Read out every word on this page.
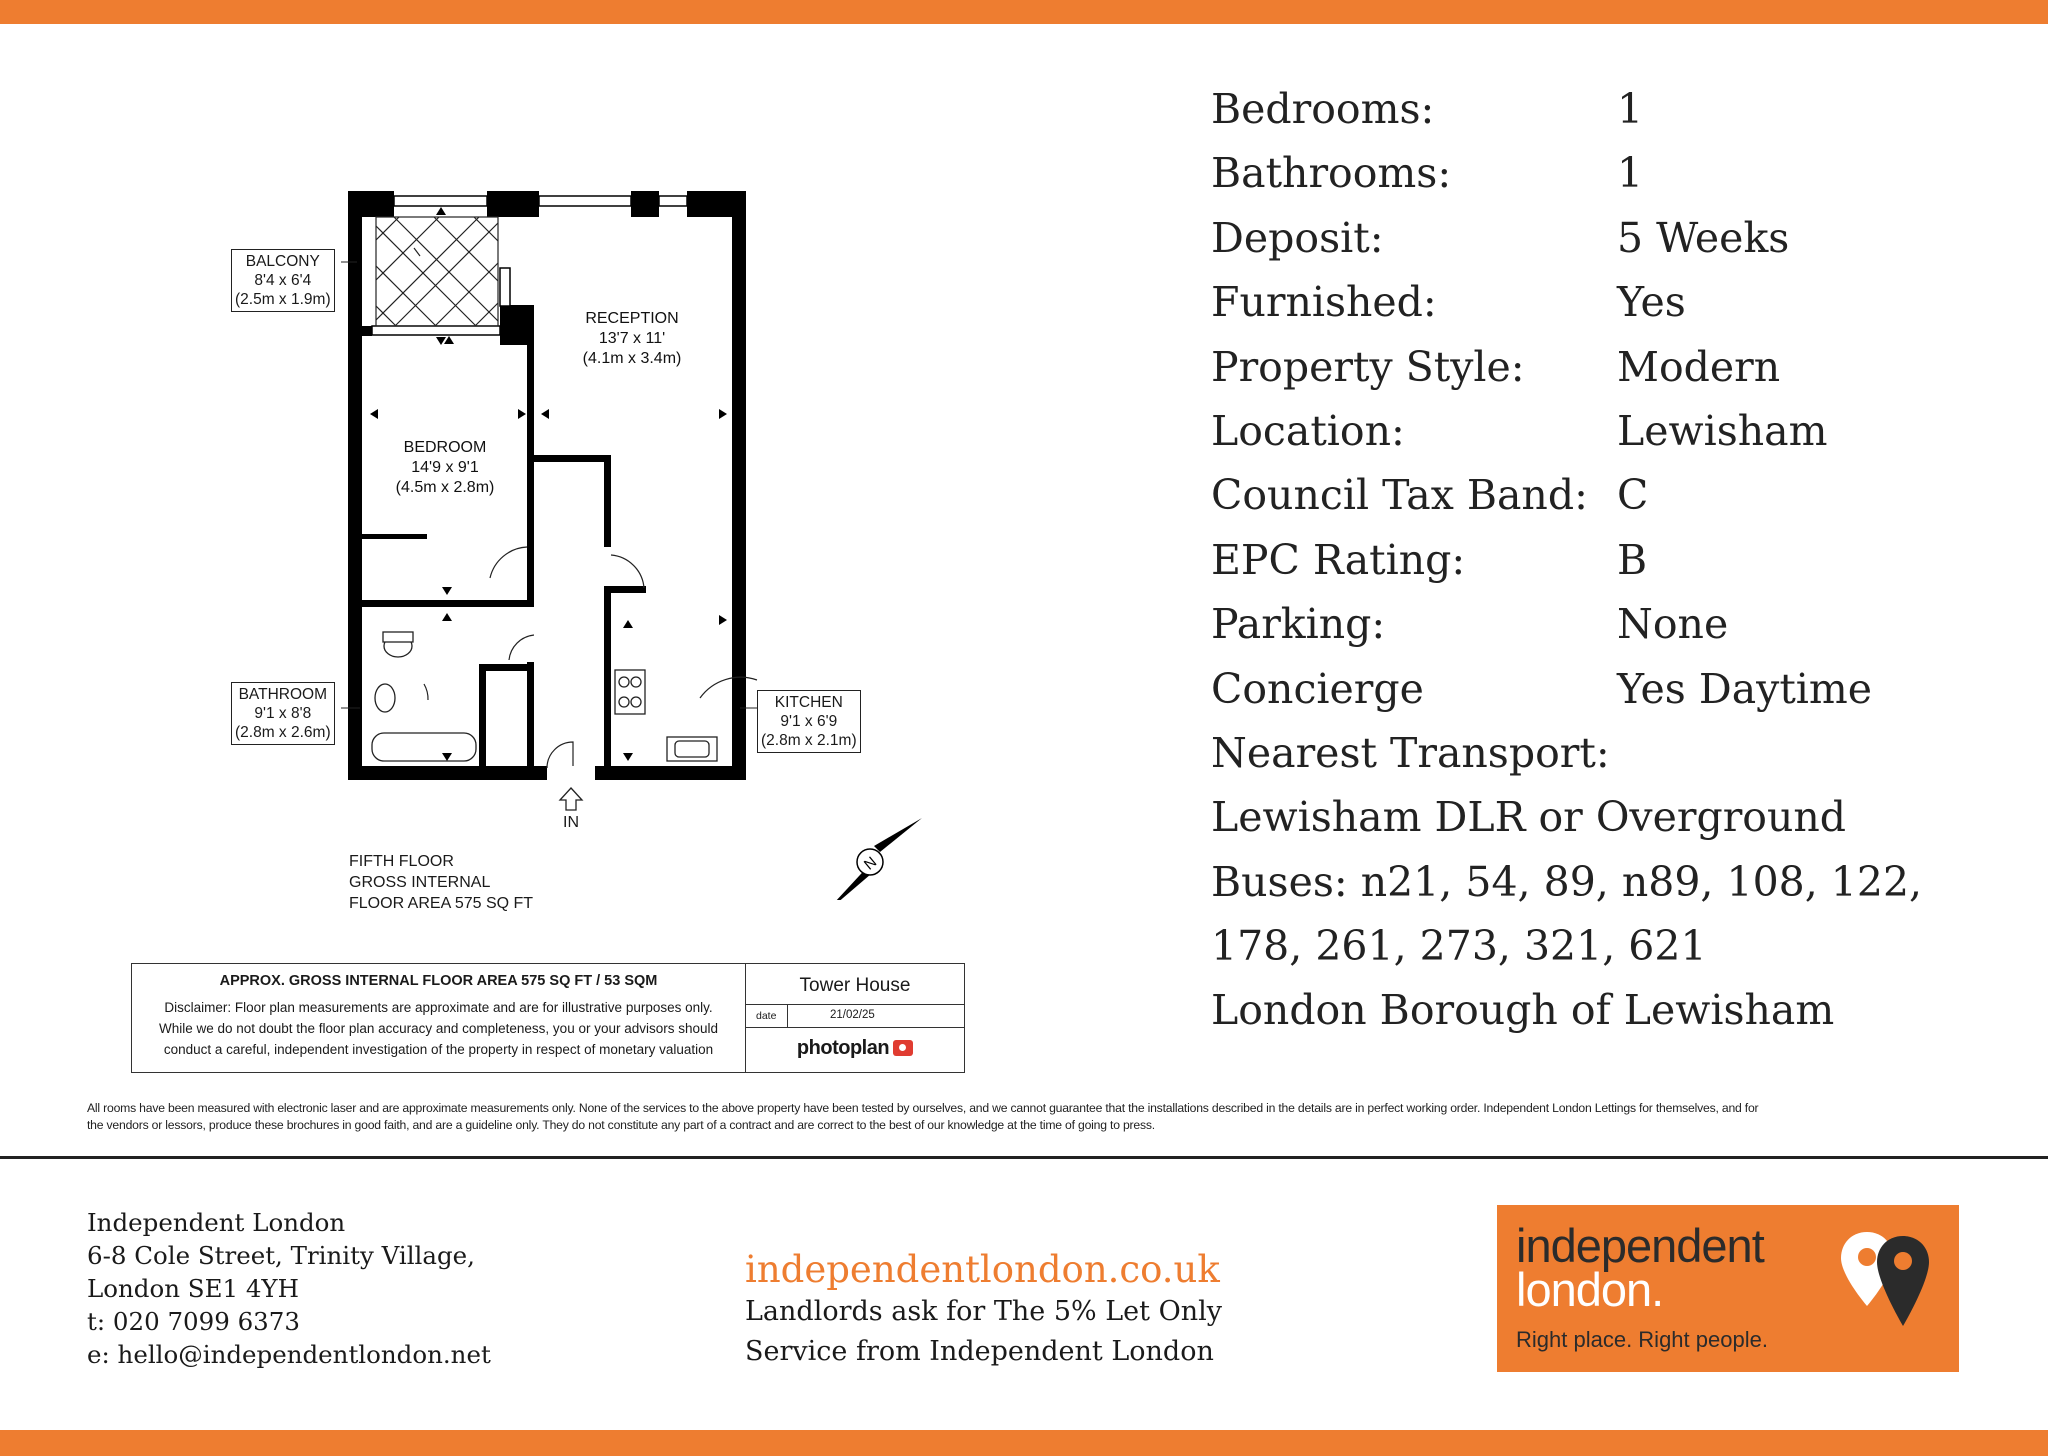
N
BALCONY
8'4 x 6'4
(2.5m x 1.9m)
RECEPTION
13'7 x 11'
(4.1m x 3.4m)
BEDROOM
14'9 x 9'1
(4.5m x 2.8m)
BATHROOM
9'1 x 8'8
(2.8m x 2.6m)
KITCHEN
9'1 x 6'9
(2.8m x 2.1m)
IN
FIFTH FLOOR
GROSS INTERNAL
FLOOR AREA 575 SQ FT
APPROX. GROSS INTERNAL FLOOR AREA 575 SQ FT / 53 SQM
Disclaimer: Floor plan measurements are approximate and are for illustrative purposes only.
While we do not doubt the floor plan accuracy and completeness, you or your advisors should
conduct a careful, independent investigation of the property in respect of monetary valuation
Tower House
date	21/02/25
photoplan
Bedrooms:	1
Bathrooms:	1
Deposit:	5 Weeks
Furnished:	Yes
Property Style: Modern
Location:	Lewisham
Council Tax Band: C
EPC Rating:	B
Parking:	None
Concierge	Yes Daytime
Nearest Transport:
Lewisham DLR or Overground
Buses: n21, 54, 89, n89, 108, 122,
178, 261, 273, 321, 621
London Borough of Lewisham
All rooms have been measured with electronic laser and are approximate measurements only. None of the services to the above property have been tested by ourselves, and we cannot guarantee that the installations described in the details are in perfect working order. Independent London Lettings for themselves, and for
the vendors or lessors, produce these brochures in good faith, and are a guideline only. They do not constitute any part of a contract and are correct to the best of our knowledge at the time of going to press.
Independent London
6-8 Cole Street, Trinity Village,
London SE1 4YH
t: 020 7099 6373
e: hello@independentlondon.net
independentlondon.co.uk
Landlords ask for The 5% Let Only
Service from Independent London
independent
london.
Right place. Right people.
